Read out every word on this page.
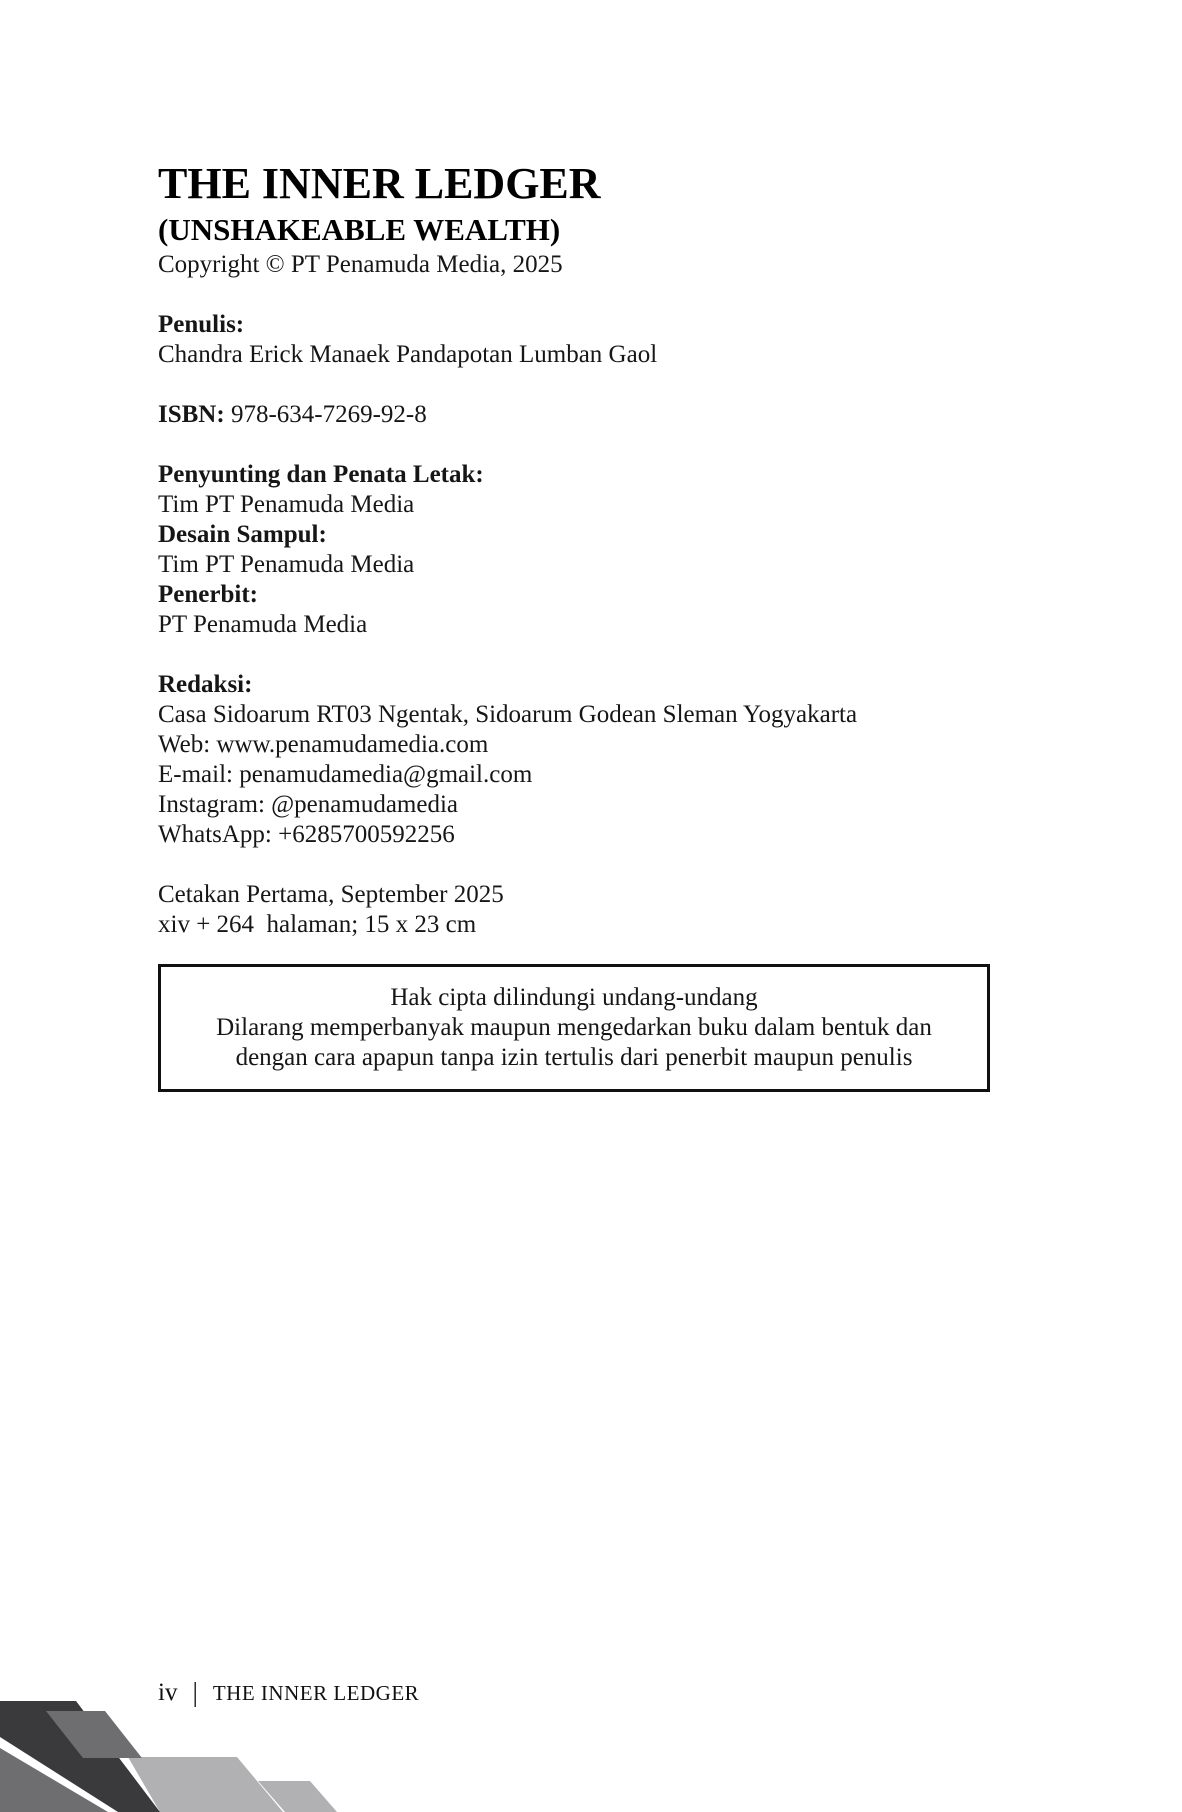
THE INNER LEDGER
(UNSHAKEABLE WEALTH)

Copyright © PT Penamuda Media, 2025

Penulis:

Chandra Erick Manaek Pandapotan Lumban Gaol

ISBN: 978-634-7269-92-8

Penyunting dan Penata Letak:

Tim PT Penamuda Media

Desain Sampul:

Tim PT Penamuda Media

Penerbit:

PT Penamuda Media

Redaksi:

Casa Sidoarum RT03 Ngentak, Sidoarum Godean Sleman Yogyakarta

Web: www.penamudamedia.com

E-mail: penamudamedia@gmail.com

Instagram: @penamudamedia

WhatsApp: +6285700592256

Cetakan Pertama, September 2025

xiv + 264  halaman; 15 x 23 cm

Hak cipta dilindungi undang-undang

Dilarang memperbanyak maupun mengedarkan buku dalam bentuk dan

dengan cara apapun tanpa izin tertulis dari penerbit maupun penulis

iv | THE INNER LEDGER
